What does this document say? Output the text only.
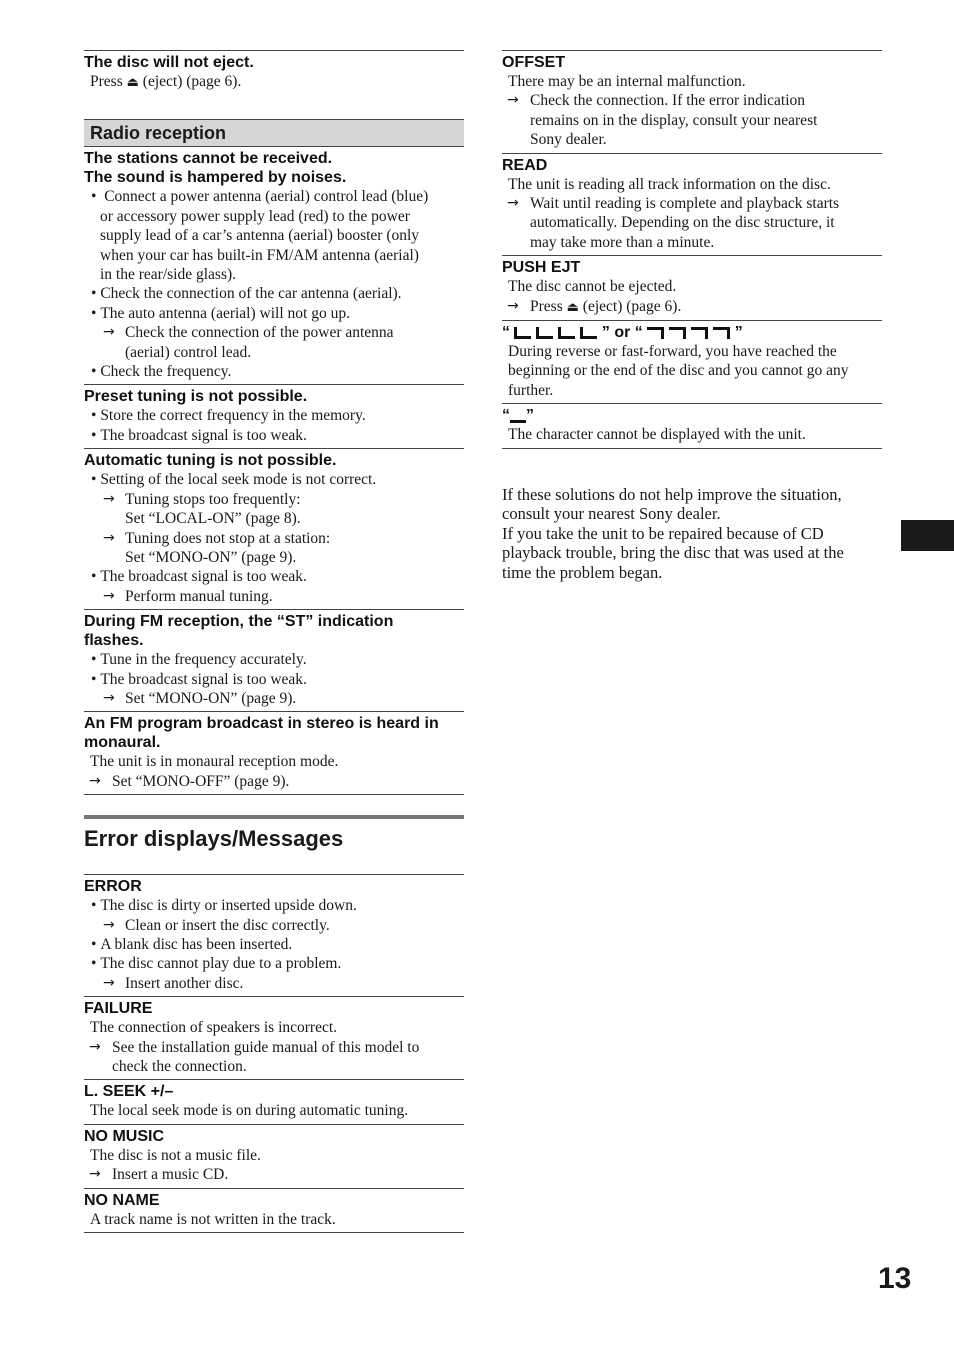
The disc will not eject.
Press ⏏ (eject) (page 6).
Radio reception
The stations cannot be received.
The sound is hampered by noises.
• Connect a power antenna (aerial) control lead (blue)
or accessory power supply lead (red) to the power
supply lead of a car’s antenna (aerial) booster (only
when your car has built-in FM/AM antenna (aerial)
in the rear/side glass).
• Check the connection of the car antenna (aerial).
• The auto antenna (aerial) will not go up.
→ Check the connection of the power antenna
(aerial) control lead.
• Check the frequency.
Preset tuning is not possible.
• Store the correct frequency in the memory.
• The broadcast signal is too weak.
Automatic tuning is not possible.
• Setting of the local seek mode is not correct.
→ Tuning stops too frequently:
Set “LOCAL-ON” (page 8).
→ Tuning does not stop at a station:
Set “MONO-ON” (page 9).
• The broadcast signal is too weak.
→ Perform manual tuning.
During FM reception, the “ST” indication
flashes.
• Tune in the frequency accurately.
• The broadcast signal is too weak.
→ Set “MONO-ON” (page 9).
An FM program broadcast in stereo is heard in
monaural.
The unit is in monaural reception mode.
→ Set “MONO-OFF” (page 9).
Error displays/Messages
ERROR
• The disc is dirty or inserted upside down.
→ Clean or insert the disc correctly.
• A blank disc has been inserted.
• The disc cannot play due to a problem.
→ Insert another disc.
FAILURE
The connection of speakers is incorrect.
→ See the installation guide manual of this model to
check the connection.
L. SEEK +/–
The local seek mode is on during automatic tuning.
NO MUSIC
The disc is not a music file.
→ Insert a music CD.
NO NAME
A track name is not written in the track.
OFFSET
There may be an internal malfunction.
→ Check the connection. If the error indication
remains on in the display, consult your nearest
Sony dealer.
READ
The unit is reading all track information on the disc.
→ Wait until reading is complete and playback starts
automatically. Depending on the disc structure, it
may take more than a minute.
PUSH EJT
The disc cannot be ejected.
→ Press ⏏ (eject) (page 6).
“	” or “	”
During reverse or fast-forward, you have reached the
beginning or the end of the disc and you cannot go any
further.
“ ”
The character cannot be displayed with the unit.
If these solutions do not help improve the situation,
consult your nearest Sony dealer.
If you take the unit to be repaired because of CD
playback trouble, bring the disc that was used at the
time the problem began.
13
